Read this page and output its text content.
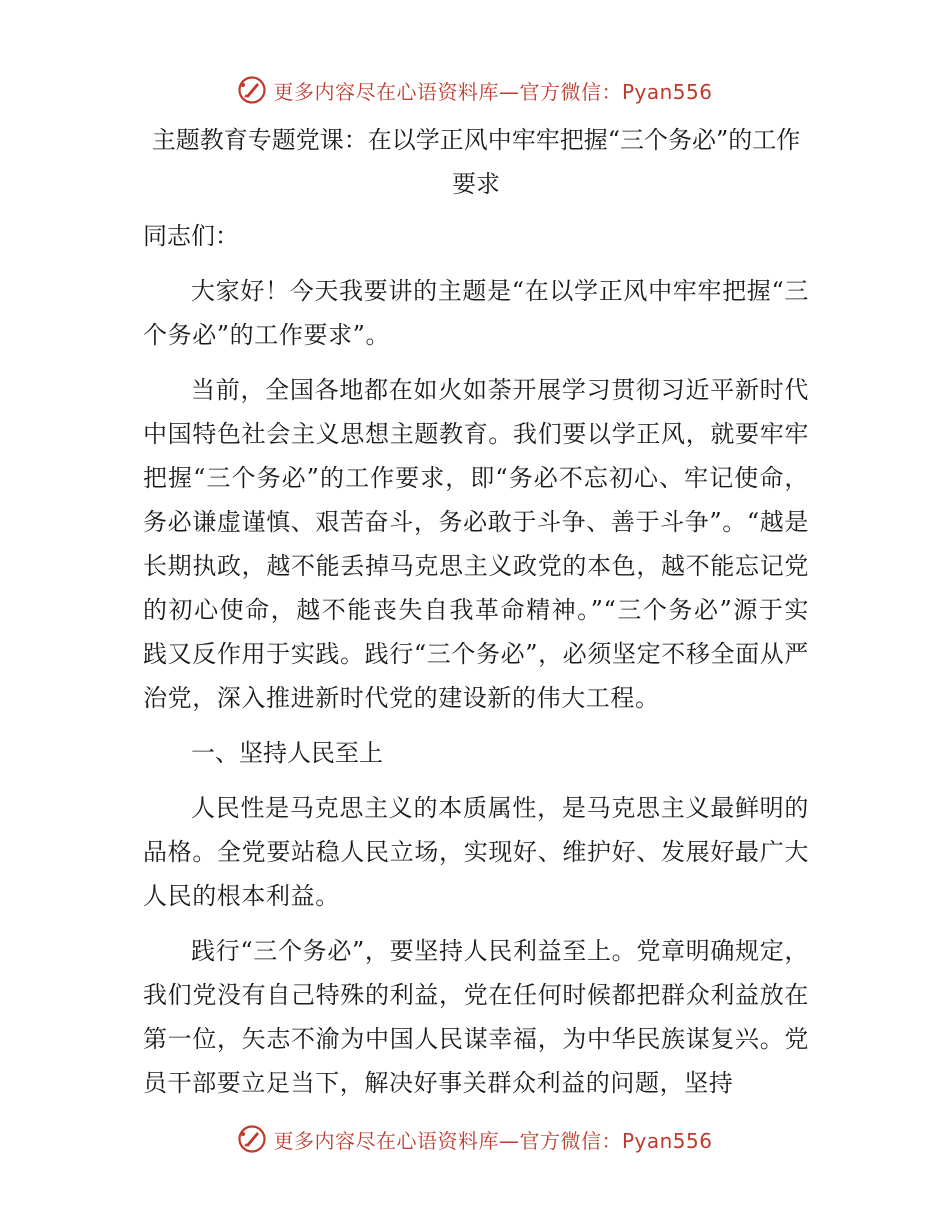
更多内容尽在心语资料库—官方微信：Pyan556
主题教育专题党课：在以学正风中牢牢把握“三个务必”的工作要求

同志们：

大家好！今天我要讲的主题是“在以学正风中牢牢把握“三个务必”的工作要求”。

当前，全国各地都在如火如荼开展学习贯彻习近平新时代中国特色社会主义思想主题教育。我们要以学正风，就要牢牢把握“三个务必”的工作要求，即“务必不忘初心、牢记使命，务必谦虚谨慎、艰苦奋斗，务必敢于斗争、善于斗争”。“越是长期执政，越不能丢掉马克思主义政党的本色，越不能忘记党的初心使命，越不能丧失自我革命精神。”“三个务必”源于实践又反作用于实践。践行“三个务必”，必须坚定不移全面从严治党，深入推进新时代党的建设新的伟大工程。

一、坚持人民至上

人民性是马克思主义的本质属性，是马克思主义最鲜明的品格。全党要站稳人民立场，实现好、维护好、发展好最广大人民的根本利益。

践行“三个务必”，要坚持人民利益至上。党章明确规定，我们党没有自己特殊的利益，党在任何时候都把群众利益放在第一位，矢志不渝为中国人民谋幸福，为中华民族谋复兴。党员干部要立足当下，解决好事关群众利益的问题，坚持

更多内容尽在心语资料库—官方微信：Pyan556
